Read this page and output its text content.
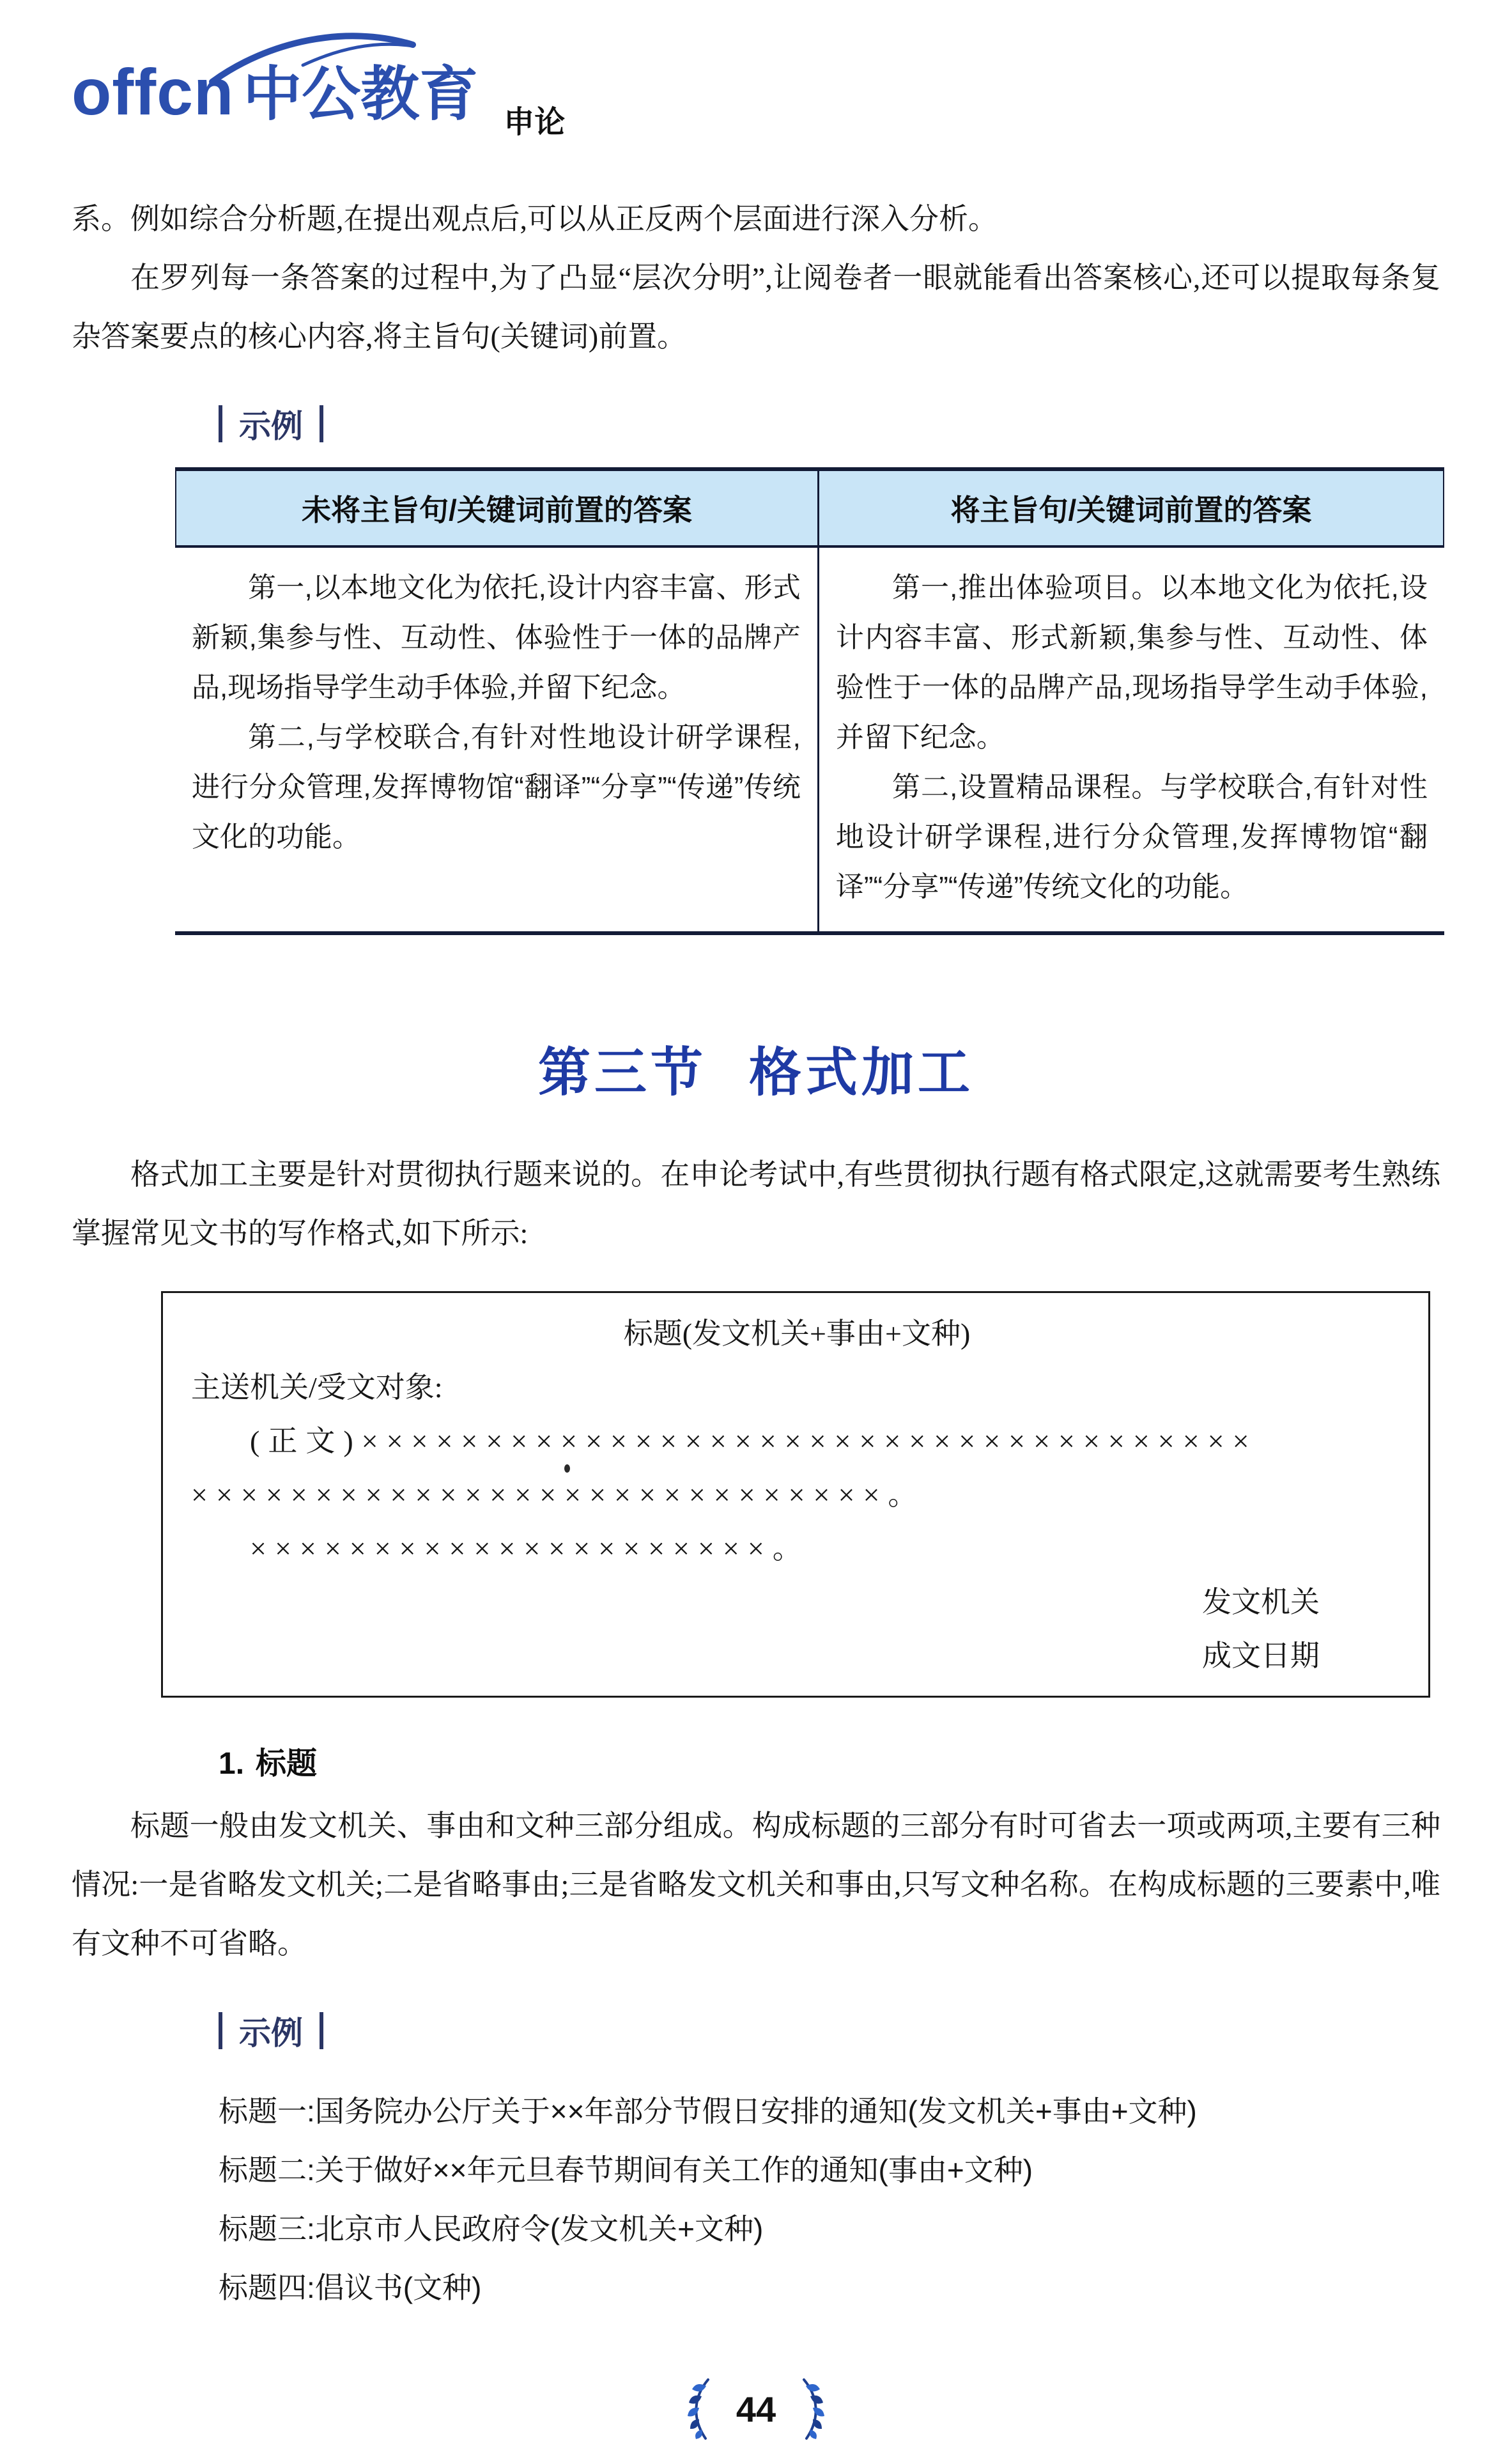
offcn 中公教育 申论

系。例如综合分析题,在提出观点后,可以从正反两个层面进行深入分析。

在罗列每一条答案的过程中,为了凸显“层次分明”,让阅卷者一眼就能看出答案核心,还可以提取每条复杂答案要点的核心内容,将主旨句(关键词)前置。

示例
未将主旨句/关键词前置的答案	将主旨句/关键词前置的答案

第一,以本地文化为依托,设计内容丰富、形式新颖,集参与性、互动性、体验性于一体的品牌产品,现场指导学生动手体验,并留下纪念。

第二,与学校联合,有针对性地设计研学课程,进行分众管理,发挥博物馆“翻译”“分享”“传递”传统文化的功能。

第一,推出体验项目。以本地文化为依托,设计内容丰富、形式新颖,集参与性、互动性、体验性于一体的品牌产品,现场指导学生动手体验,并留下纪念。

第二,设置精品课程。与学校联合,有针对性地设计研学课程,进行分众管理,发挥博物馆“翻译”“分享”“传递”传统文化的功能。

第三节 格式加工

格式加工主要是针对贯彻执行题来说的。在申论考试中,有些贯彻执行题有格式限定,这就需要考生熟练掌握常见文书的写作格式,如下所示:

标题(发文机关+事由+文种)

主送机关/受文对象:

(正文)××××××××××××××××××××××××××××××××××××

××××××××××××××××××××××××××××。

×××××××××××××××××××××。

发文机关

成文日期

1. 标题

标题一般由发文机关、事由和文种三部分组成。构成标题的三部分有时可省去一项或两项,主要有三种情况:一是省略发文机关;二是省略事由;三是省略发文机关和事由,只写文种名称。在构成标题的三要素中,唯有文种不可省略。

示例

标题一:国务院办公厅关于××年部分节假日安排的通知(发文机关+事由+文种)

标题二:关于做好××年元旦春节期间有关工作的通知(事由+文种)

标题三:北京市人民政府令(发文机关+文种)

标题四:倡议书(文种)

44
